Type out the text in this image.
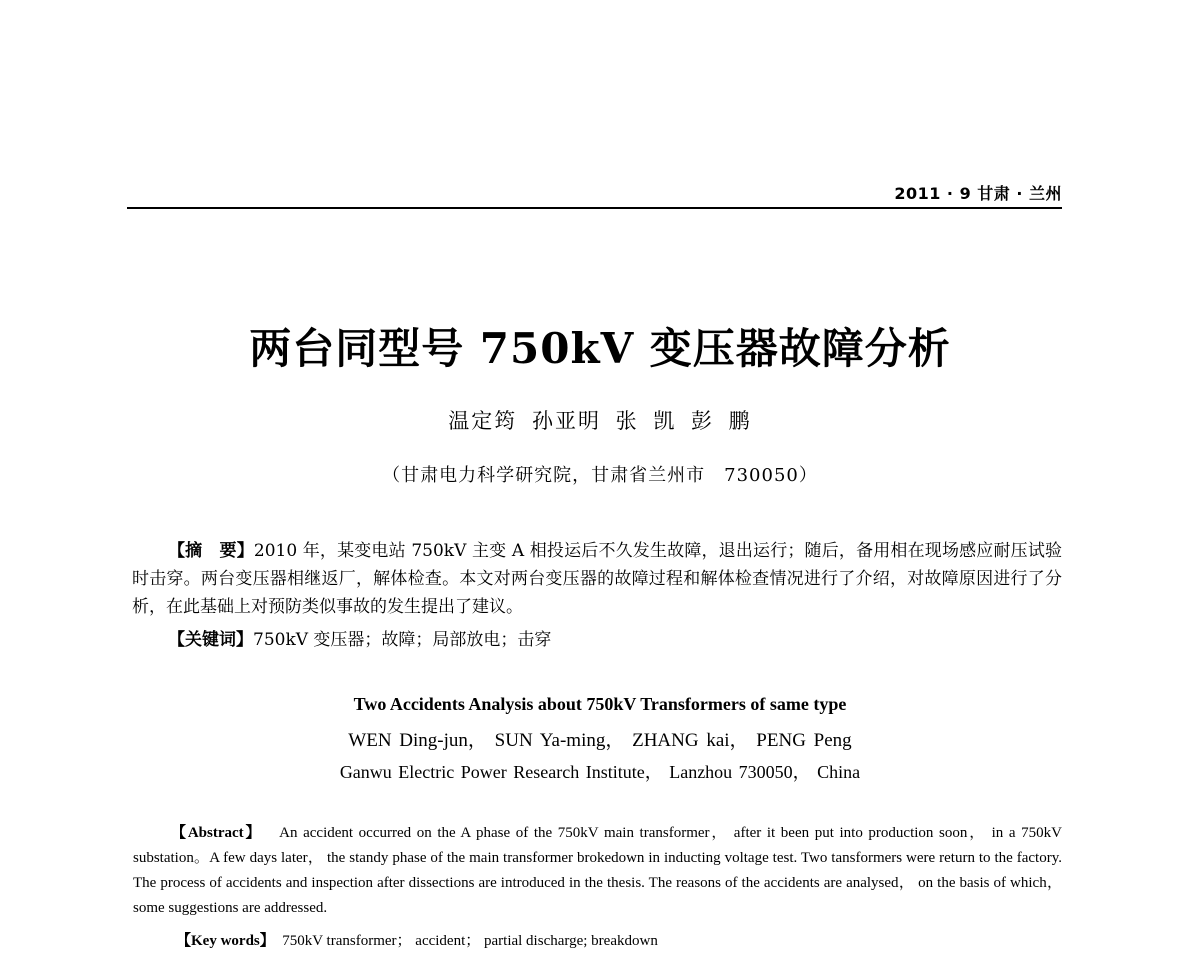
2011 · 9 甘肃 · 兰州
两台同型号 750kV 变压器故障分析
温定筠 孙亚明 张 凯 彭 鹏
（甘肃电力科学研究院，甘肃省兰州市　730050）
【摘　要】2010 年，某变电站 750kV 主变 A 相投运后不久发生故障，退出运行；随后，备用相在现场感应耐压试验时击穿。两台变压器相继返厂，解体检查。本文对两台变压器的故障过程和解体检查情况进行了介绍，对故障原因进行了分析，在此基础上对预防类似事故的发生提出了建议。
【关键词】750kV 变压器；故障；局部放电；击穿
Two Accidents Analysis about 750kV Transformers of same type
WEN Ding-jun， SUN Ya-ming， ZHANG kai， PENG Peng
Ganwu Electric Power Research Institute， Lanzhou 730050， China
【Abstract】 An accident occurred on the A phase of the 750kV main transformer， after it been put into production soon， in a 750kV substation。A few days later， the standy phase of the main transformer brokedown in inducting voltage test. Two tansformers were return to the factory. The process of accidents and inspection after dissections are introduced in the thesis. The reasons of the accidents are analysed， on the basis of which， some suggestions are addressed.
【Key words】 750kV transformer； accident； partial discharge; breakdown
